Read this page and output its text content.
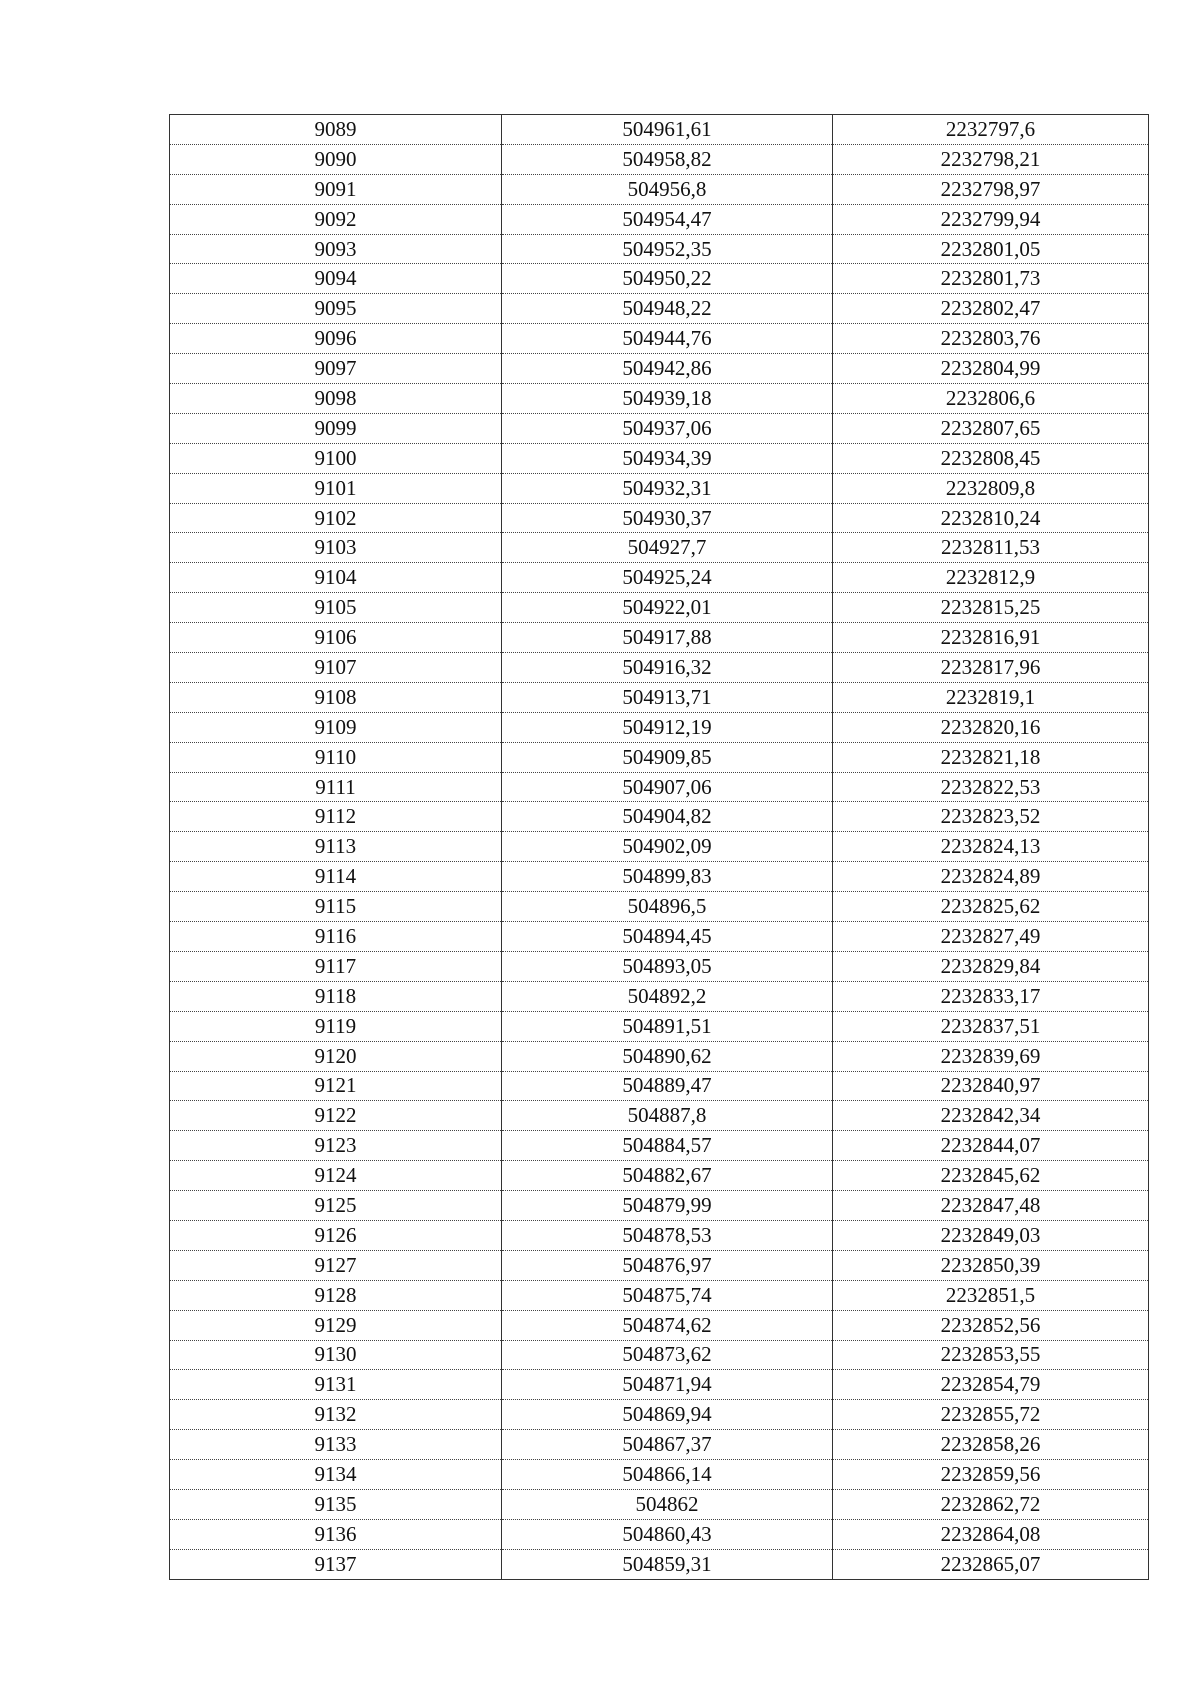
9089	504961,61	2232797,6
9090	504958,82	2232798,21
9091	504956,8	2232798,97
9092	504954,47	2232799,94
9093	504952,35	2232801,05
9094	504950,22	2232801,73
9095	504948,22	2232802,47
9096	504944,76	2232803,76
9097	504942,86	2232804,99
9098	504939,18	2232806,6
9099	504937,06	2232807,65
9100	504934,39	2232808,45
9101	504932,31	2232809,8
9102	504930,37	2232810,24
9103	504927,7	2232811,53
9104	504925,24	2232812,9
9105	504922,01	2232815,25
9106	504917,88	2232816,91
9107	504916,32	2232817,96
9108	504913,71	2232819,1
9109	504912,19	2232820,16
9110	504909,85	2232821,18
9111	504907,06	2232822,53
9112	504904,82	2232823,52
9113	504902,09	2232824,13
9114	504899,83	2232824,89
9115	504896,5	2232825,62
9116	504894,45	2232827,49
9117	504893,05	2232829,84
9118	504892,2	2232833,17
9119	504891,51	2232837,51
9120	504890,62	2232839,69
9121	504889,47	2232840,97
9122	504887,8	2232842,34
9123	504884,57	2232844,07
9124	504882,67	2232845,62
9125	504879,99	2232847,48
9126	504878,53	2232849,03
9127	504876,97	2232850,39
9128	504875,74	2232851,5
9129	504874,62	2232852,56
9130	504873,62	2232853,55
9131	504871,94	2232854,79
9132	504869,94	2232855,72
9133	504867,37	2232858,26
9134	504866,14	2232859,56
9135	504862	2232862,72
9136	504860,43	2232864,08
9137	504859,31	2232865,07
